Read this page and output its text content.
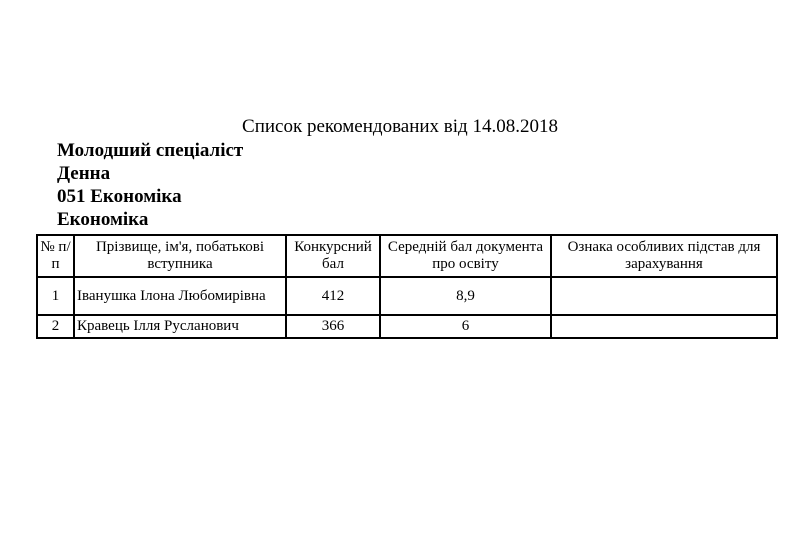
Список рекомендованих від 14.08.2018
Молодший спеціаліст
Денна
051 Економіка
Економіка
№ п/п	Прізвище, ім'я, побатькові вступника	Конкурсний бал	Середній бал документа про освіту	Ознака особливих підстав для зарахування
1	Іванушка Ілона Любомирівна	412	8,9	
2	Кравець Ілля Русланович	366	6	
